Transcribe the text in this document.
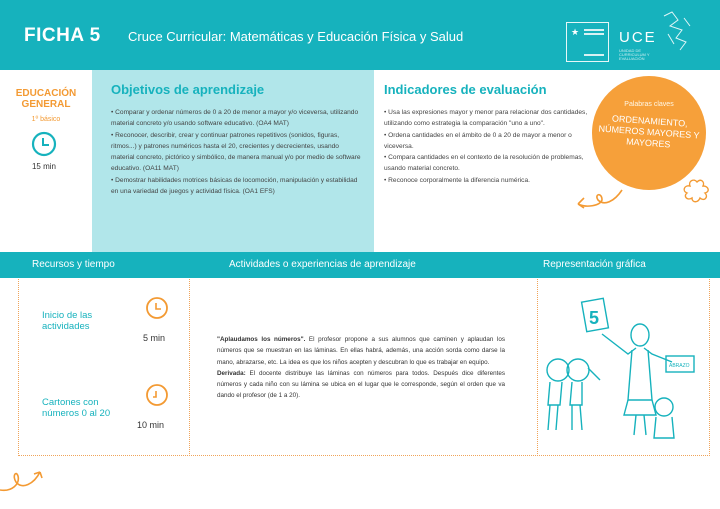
FICHA 5 Cruce Curricular: Matemáticas y Educación Física y Salud	★	UCE
UNIDAD DE
CURRICULUM Y
EVALUACIÓN
EDUCACIÓN GENERAL
1º básico
15 min
Objetivos de aprendizaje
• Comparar y ordenar números de 0 a 20 de menor a mayor y/o viceversa, utilizando material concreto y/o usando software educativo. (OA4 MAT)
• Reconocer, describir, crear y continuar patrones repetitivos (sonidos, figuras, ritmos...) y patrones numéricos hasta el 20, crecientes y decrecientes, usando material concreto, pictórico y simbólico, de manera manual y/o por medio de software educativo. (OA11 MAT)
• Demostrar habilidades motrices básicas de locomoción, manipulación y estabilidad en una variedad de juegos y actividad física. (OA1 EFS)
Indicadores de evaluación
• Usa las expresiones mayor y menor para relacionar dos cantidades, utilizando como estrategia la comparación "uno a uno".
• Ordena cantidades en el ámbito de 0 a 20 de mayor a menor o viceversa.
• Compara cantidades en el contexto de la resolución de problemas, usando material concreto.
• Reconoce corporalmente la diferencia numérica.
Palabras claves
ORDENAMIENTO, NÚMEROS MAYORES Y MAYORES
Recursos y tiempo	Actividades o experiencias de aprendizaje	Representación gráfica
Inicio de las actividades
5 min
Cartones con números 0 al 20
10 min

"Aplaudamos los números". El profesor propone a sus alumnos que caminen y aplaudan los números que se muestran en las láminas. En ellas habrá, además, una acción sorda como darse la mano, abrazarse, etc. La idea es que los niños acepten y descubran lo que es trabajar en equipo.

Derivada: El docente distribuye las láminas con números para todos. Después dice diferentes números y cada niño con su lámina se ubica en el lugar que le corresponde, según el orden que va dando el profesor (de 1 a 20).

5
ABRAZO
